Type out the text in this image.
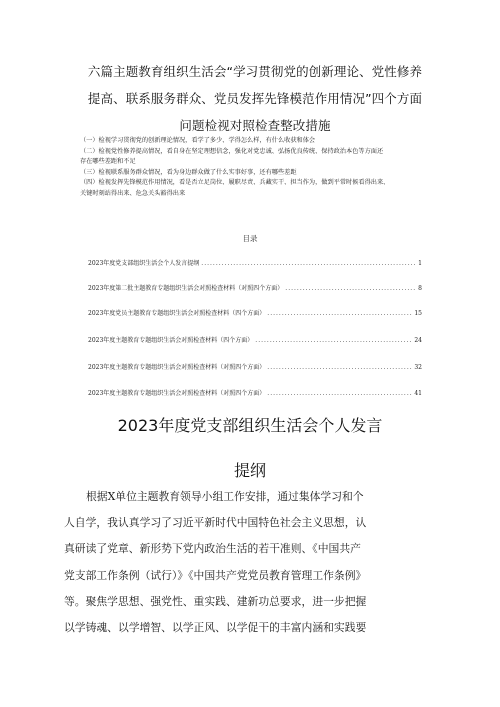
六篇主题教育组织生活会“学习贯彻党的创新理论、党性修养
提高、联系服务群众、党员发挥先锋模范作用情况”四个方面
问题检视对照检查整改措施
（一）检视学习贯彻党的创新理论情况，看学了多少、学得怎么样，有什么收获和体会
（二）检视党性修养提高情况，看自身在坚定理想信念，强化对党忠诚、弘扬优良传统、保持政治本色等方面还
存在哪些差距和不足
（三）检视联系服务群众情况，看为身边群众做了什么实事好事，还有哪些差距
（四）检视发挥先锋模范作用情况，看是否立足岗位、履职尽责、兵藏实干、担当作为，做到平常时候看得出来、
关键时刻站得出来、危急关头豁得出来
目录
2023年度党支部组织生活会个人发言提纲 .....	1
2023年度第二批主题教育专题组织生活会对照检查材料（对照四个方面） .....	8
2023年度党员主题教育专题组织生活会对照检查材料（四个方面） .....	15
2023年度主题教育专题组织生活会对照检查材料（四个方面） .....	24
2023年度主题教育专题组织生活会对照检查材料（对照四个方面） .....	32
2023年度主题教育专题组织生活会对照检查材料（对照四个方面） .....	41
2023年度党支部组织生活会个人发言
提纲
根据X单位主题教育领导小组工作安排，通过集体学习和个
人自学，我认真学习了习近平新时代中国特色社会主义思想，认
真研读了党章、新形势下党内政治生活的若干准则、《中国共产
党支部工作条例（试行）》《中国共产党党员教育管理工作条例》
等。聚焦学思想、强党性、重实践、建新功总要求，进一步把握
以学铸魂、以学增智、以学正风、以学促干的丰富内涵和实践要
